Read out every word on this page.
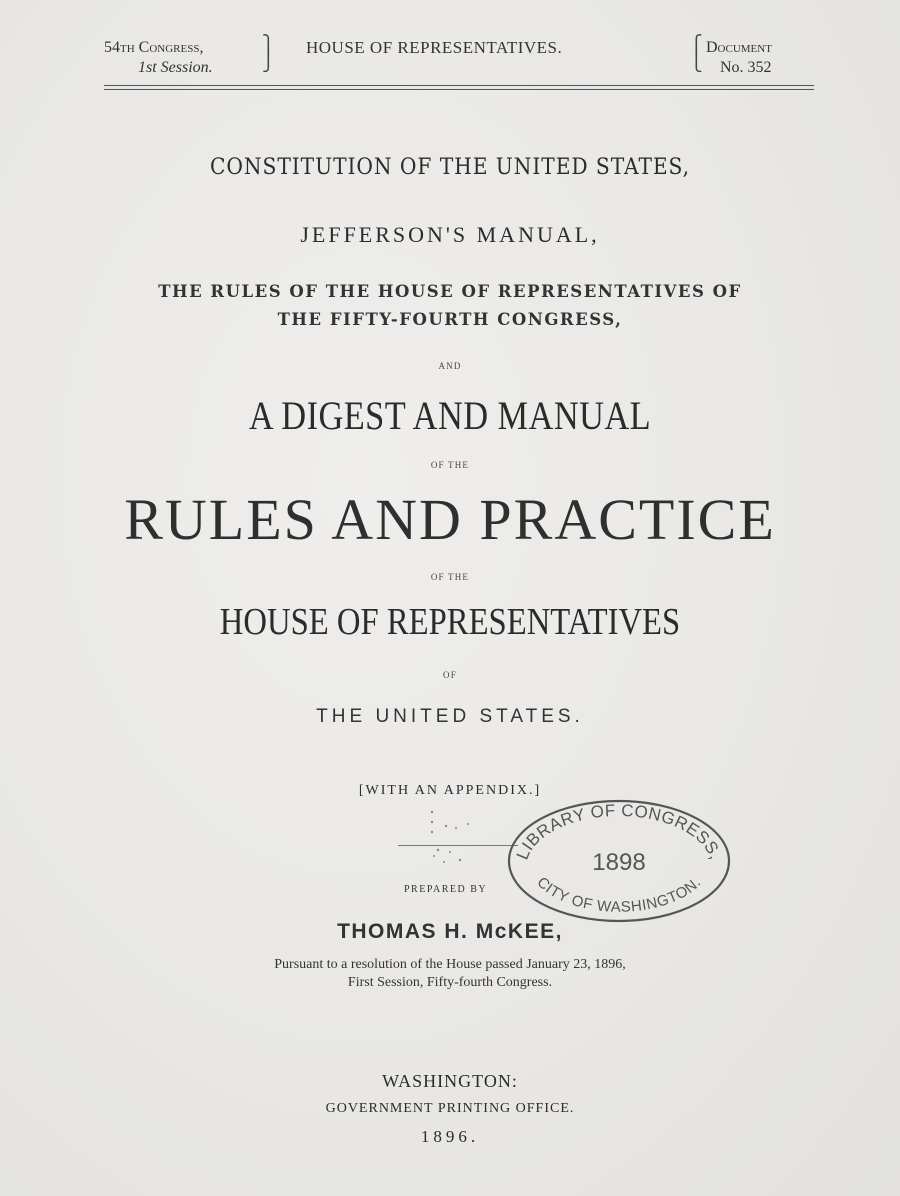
54th Congress,
1st Session.
⎫
⎭
HOUSE OF REPRESENTATIVES.	⎧
⎩
Document
No. 352
CONSTITUTION OF THE UNITED STATES,
JEFFERSON'S MANUAL,
THE RULES OF THE HOUSE OF REPRESENTATIVES OF
THE FIFTY-FOURTH CONGRESS,
AND
A DIGEST AND MANUAL
OF THE
RULES AND PRACTICE
OF THE
HOUSE OF REPRESENTATIVES
OF
THE UNITED STATES.
[WITH AN APPENDIX.]
LIBRARY OF CONGRESS,
1898
CITY OF WASHINGTON.
PREPARED BY
THOMAS H. McKEE,
Pursuant to a resolution of the House passed January 23, 1896,
First Session, Fifty-fourth Congress.
WASHINGTON:
GOVERNMENT PRINTING OFFICE.
1896.
